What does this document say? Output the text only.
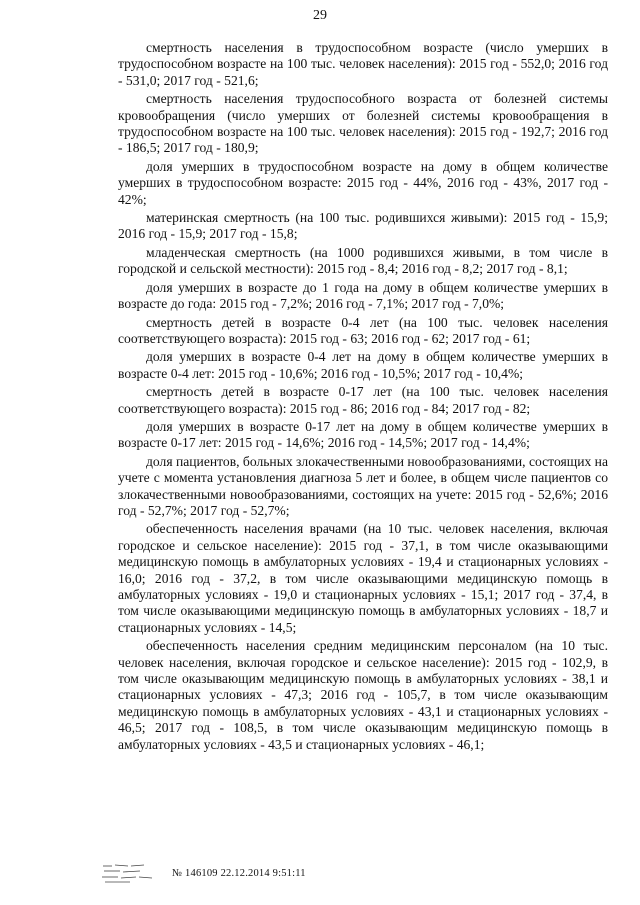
29

смертность населения в трудоспособном возрасте (число умерших в трудоспособном возрасте на 100 тыс. человек населения): 2015 год - 552,0; 2016 год - 531,0; 2017 год - 521,6;

смертность населения трудоспособного возраста от болезней системы кровообращения (число умерших от болезней системы кровообращения в трудоспособном возрасте на 100 тыс. человек населения): 2015 год - 192,7; 2016 год - 186,5; 2017 год - 180,9;

доля умерших в трудоспособном возрасте на дому в общем количестве умерших в трудоспособном возрасте: 2015 год - 44%, 2016 год - 43%, 2017 год - 42%;

материнская смертность (на 100 тыс. родившихся живыми): 2015 год - 15,9; 2016 год - 15,9; 2017 год - 15,8;

младенческая смертность (на 1000 родившихся живыми, в том числе в городской и сельской местности): 2015 год - 8,4; 2016 год - 8,2; 2017 год - 8,1;

доля умерших в возрасте до 1 года на дому в общем количестве умерших в возрасте до года: 2015 год - 7,2%; 2016 год - 7,1%; 2017 год - 7,0%;

смертность детей в возрасте 0-4 лет (на 100 тыс. человек населения соответствующего возраста): 2015 год - 63; 2016 год - 62; 2017 год - 61;

доля умерших в возрасте 0-4 лет на дому в общем количестве умерших в возрасте 0-4 лет: 2015 год - 10,6%; 2016 год - 10,5%; 2017 год - 10,4%;

смертность детей в возрасте 0-17 лет (на 100 тыс. человек населения соответствующего возраста): 2015 год - 86; 2016 год - 84; 2017 год - 82;

доля умерших в возрасте 0-17 лет на дому в общем количестве умерших в возрасте 0-17 лет: 2015 год - 14,6%; 2016 год - 14,5%; 2017 год - 14,4%;

доля пациентов, больных злокачественными новообразованиями, состоящих на учете с момента установления диагноза 5 лет и более, в общем числе пациентов со злокачественными новообразованиями, состоящих на учете: 2015 год - 52,6%; 2016 год - 52,7%; 2017 год - 52,7%;

обеспеченность населения врачами (на 10 тыс. человек населения, включая городское и сельское население): 2015 год - 37,1, в том числе оказывающими медицинскую помощь в амбулаторных условиях - 19,4 и стационарных условиях - 16,0; 2016 год - 37,2, в том числе оказывающими медицинскую помощь в амбулаторных условиях - 19,0 и стационарных условиях - 15,1; 2017 год - 37,4, в том числе оказывающими медицинскую помощь в амбулаторных условиях - 18,7 и стационарных условиях - 14,5;

обеспеченность населения средним медицинским персоналом (на 10 тыс. человек населения, включая городское и сельское население): 2015 год - 102,9, в том числе оказывающим медицинскую помощь в амбулаторных условиях - 38,1 и стационарных условиях - 47,3; 2016 год - 105,7, в том числе оказывающим медицинскую помощь в амбулаторных условиях - 43,1 и стационарных условиях - 46,5; 2017 год - 108,5, в том числе оказывающим медицинскую помощь в амбулаторных условиях - 43,5 и стационарных условиях - 46,1;

№ 146109 22.12.2014 9:51:11
